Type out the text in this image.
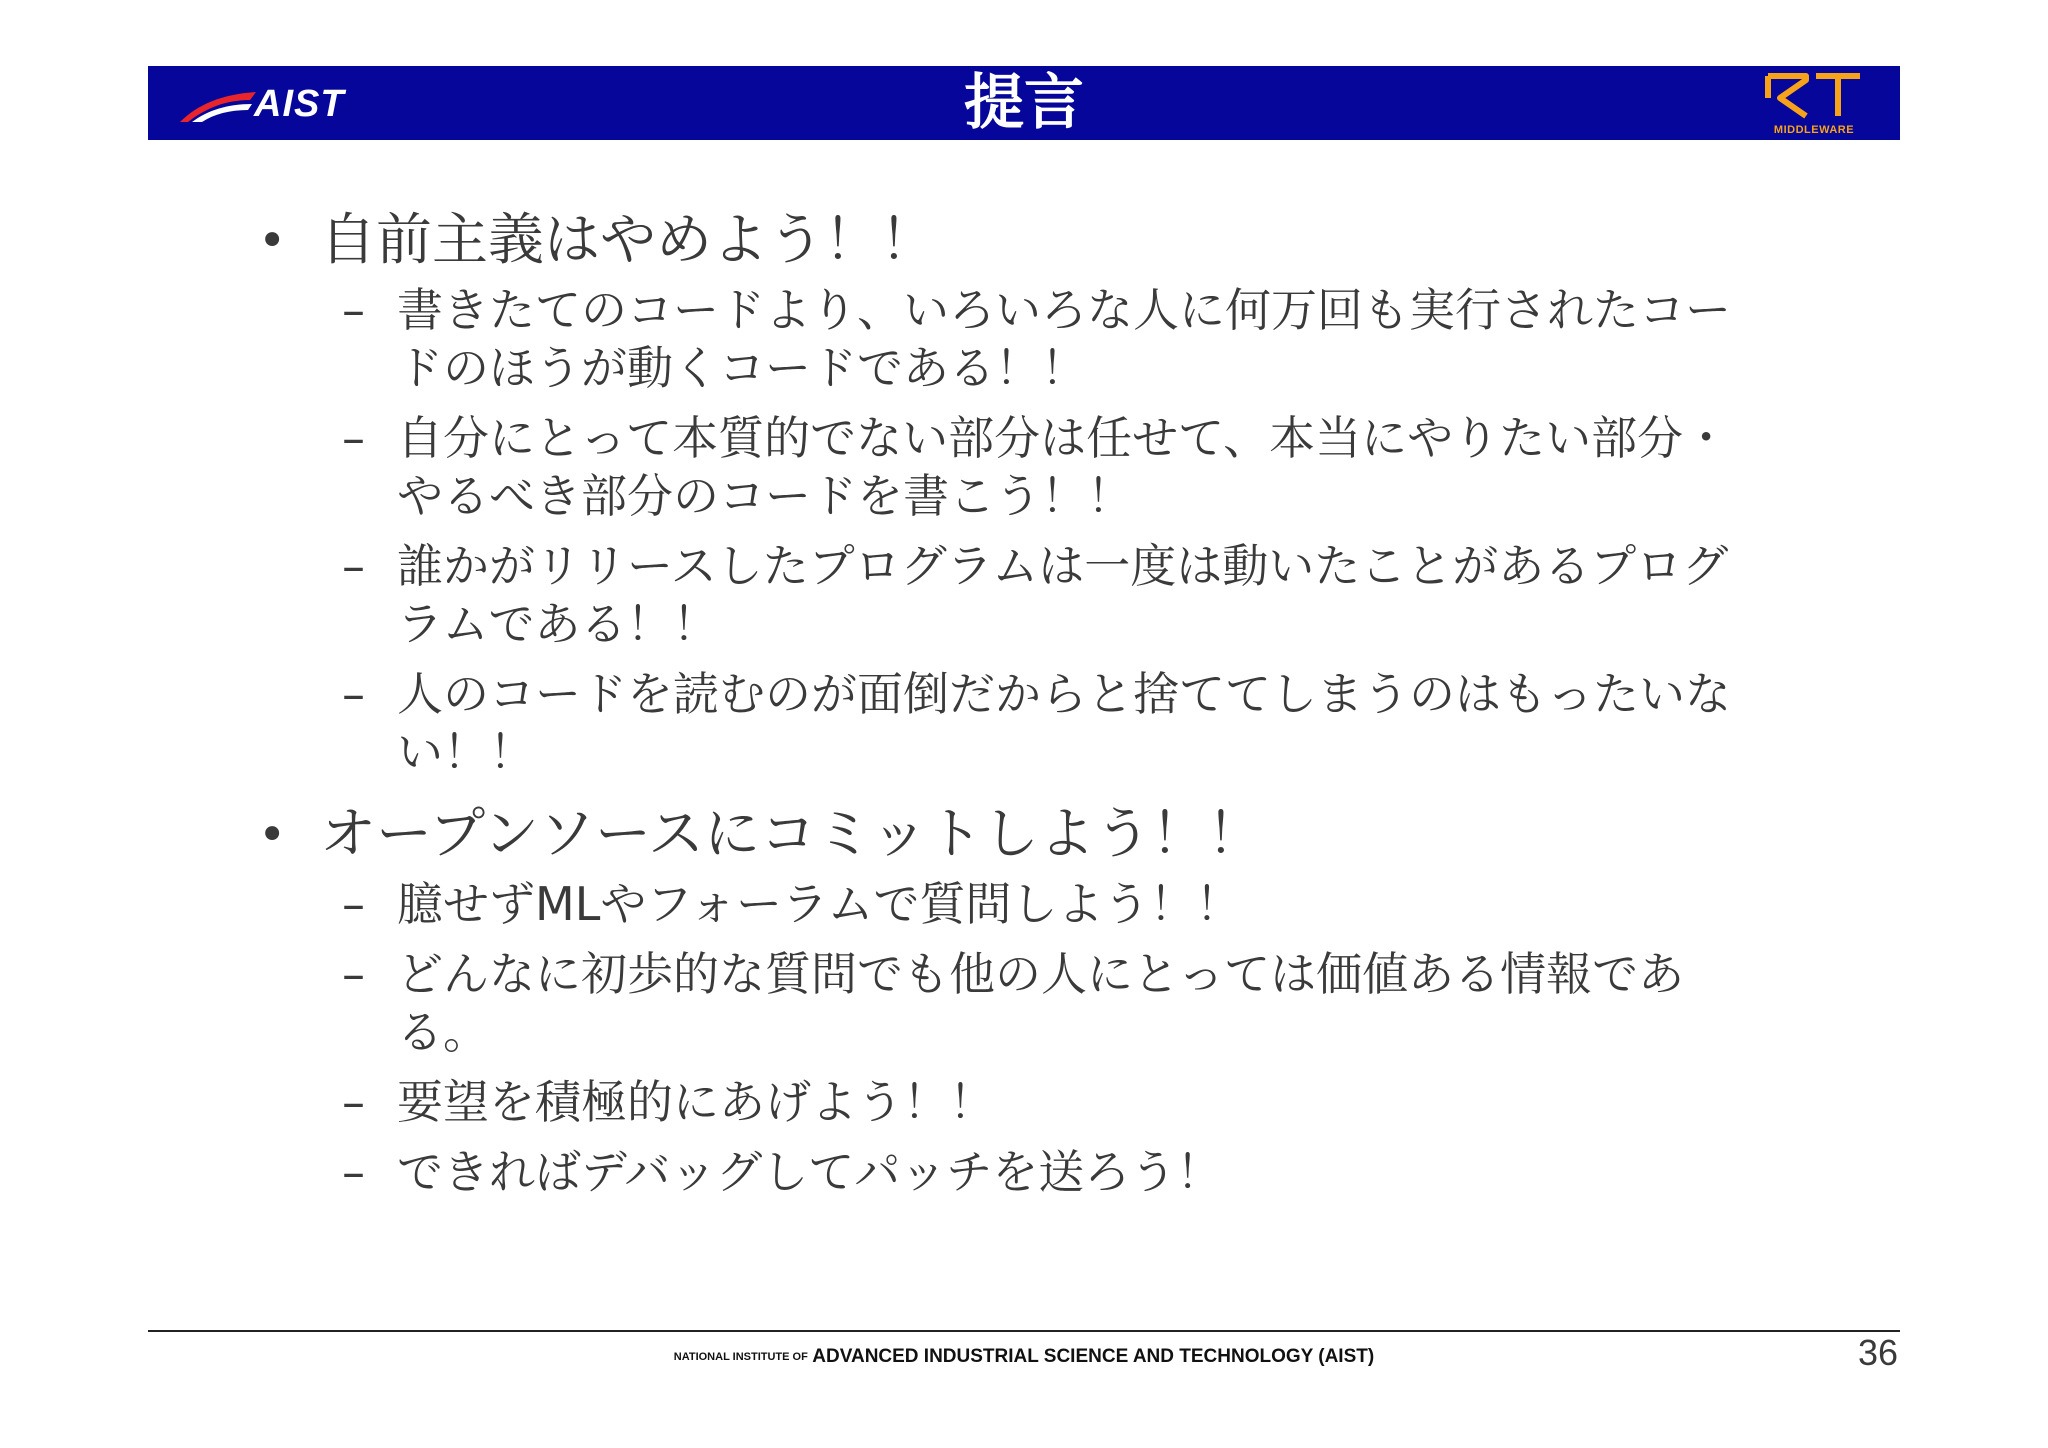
AIST	提言	MIDDLEWARE
• 自前主義はやめよう！！
– 書きたてのコードより、いろいろな人に何万回も実行されたコードのほうが動くコードである！！
– 自分にとって本質的でない部分は任せて、本当にやりたい部分・やるべき部分のコードを書こう！！
– 誰かがリリースしたプログラムは一度は動いたことがあるプログラムである！！
– 人のコードを読むのが面倒だからと捨ててしまうのはもったいない！！
• オープンソースにコミットしよう！！
– 臆せずMLやフォーラムで質問しよう！！
– どんなに初歩的な質問でも他の人にとっては価値ある情報である。
– 要望を積極的にあげよう！！
– できればデバッグしてパッチを送ろう！
NATIONAL INSTITUTE OF ADVANCED INDUSTRIAL SCIENCE AND TECHNOLOGY (AIST)	36
